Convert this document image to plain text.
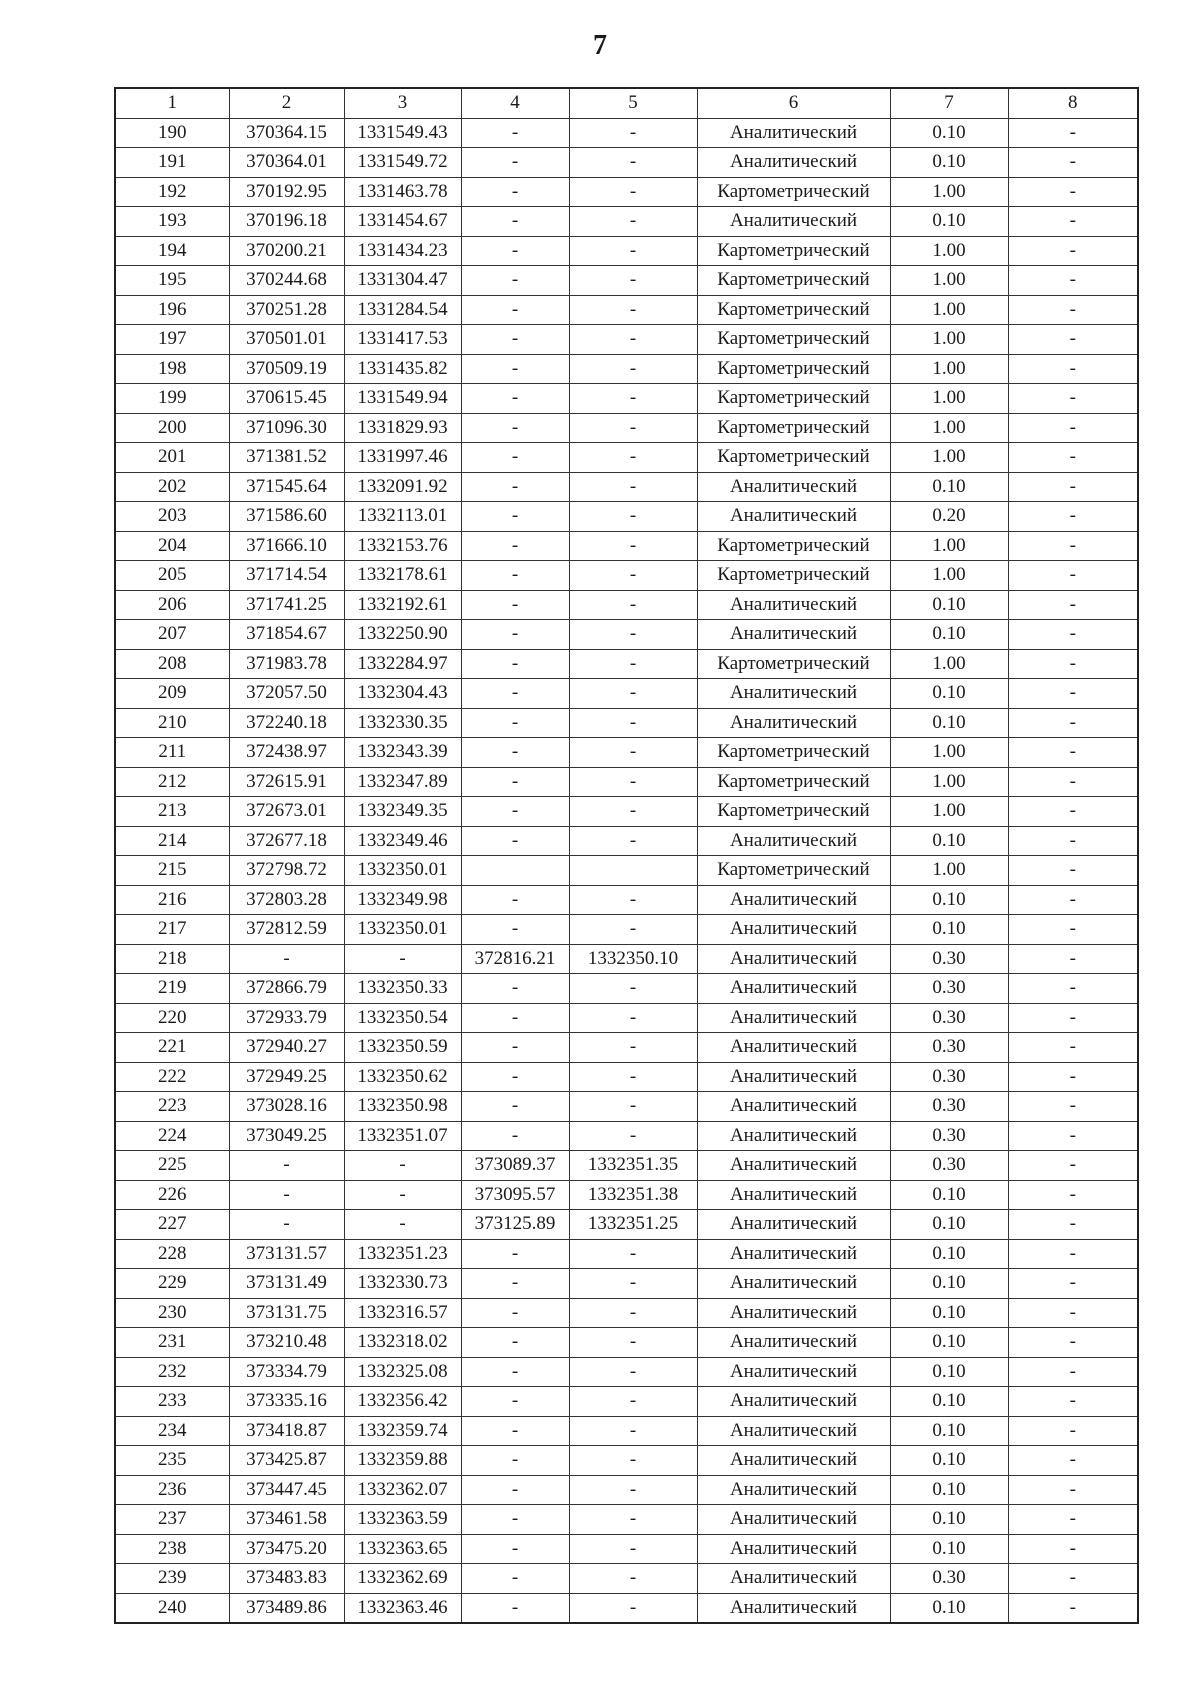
7
1	2	3	4	5	6	7	8
190	370364.15	1331549.43	-	-	Аналитический	0.10	-
191	370364.01	1331549.72	-	-	Аналитический	0.10	-
192	370192.95	1331463.78	-	-	Картометрический	1.00	-
193	370196.18	1331454.67	-	-	Аналитический	0.10	-
194	370200.21	1331434.23	-	-	Картометрический	1.00	-
195	370244.68	1331304.47	-	-	Картометрический	1.00	-
196	370251.28	1331284.54	-	-	Картометрический	1.00	-
197	370501.01	1331417.53	-	-	Картометрический	1.00	-
198	370509.19	1331435.82	-	-	Картометрический	1.00	-
199	370615.45	1331549.94	-	-	Картометрический	1.00	-
200	371096.30	1331829.93	-	-	Картометрический	1.00	-
201	371381.52	1331997.46	-	-	Картометрический	1.00	-
202	371545.64	1332091.92	-	-	Аналитический	0.10	-
203	371586.60	1332113.01	-	-	Аналитический	0.20	-
204	371666.10	1332153.76	-	-	Картометрический	1.00	-
205	371714.54	1332178.61	-	-	Картометрический	1.00	-
206	371741.25	1332192.61	-	-	Аналитический	0.10	-
207	371854.67	1332250.90	-	-	Аналитический	0.10	-
208	371983.78	1332284.97	-	-	Картометрический	1.00	-
209	372057.50	1332304.43	-	-	Аналитический	0.10	-
210	372240.18	1332330.35	-	-	Аналитический	0.10	-
211	372438.97	1332343.39	-	-	Картометрический	1.00	-
212	372615.91	1332347.89	-	-	Картометрический	1.00	-
213	372673.01	1332349.35	-	-	Картометрический	1.00	-
214	372677.18	1332349.46	-	-	Аналитический	0.10	-
215	372798.72	1332350.01			Картометрический	1.00	-
216	372803.28	1332349.98	-	-	Аналитический	0.10	-
217	372812.59	1332350.01	-	-	Аналитический	0.10	-
218	-	-	372816.21	1332350.10	Аналитический	0.30	-
219	372866.79	1332350.33	-	-	Аналитический	0.30	-
220	372933.79	1332350.54	-	-	Аналитический	0.30	-
221	372940.27	1332350.59	-	-	Аналитический	0.30	-
222	372949.25	1332350.62	-	-	Аналитический	0.30	-
223	373028.16	1332350.98	-	-	Аналитический	0.30	-
224	373049.25	1332351.07	-	-	Аналитический	0.30	-
225	-	-	373089.37	1332351.35	Аналитический	0.30	-
226	-	-	373095.57	1332351.38	Аналитический	0.10	-
227	-	-	373125.89	1332351.25	Аналитический	0.10	-
228	373131.57	1332351.23	-	-	Аналитический	0.10	-
229	373131.49	1332330.73	-	-	Аналитический	0.10	-
230	373131.75	1332316.57	-	-	Аналитический	0.10	-
231	373210.48	1332318.02	-	-	Аналитический	0.10	-
232	373334.79	1332325.08	-	-	Аналитический	0.10	-
233	373335.16	1332356.42	-	-	Аналитический	0.10	-
234	373418.87	1332359.74	-	-	Аналитический	0.10	-
235	373425.87	1332359.88	-	-	Аналитический	0.10	-
236	373447.45	1332362.07	-	-	Аналитический	0.10	-
237	373461.58	1332363.59	-	-	Аналитический	0.10	-
238	373475.20	1332363.65	-	-	Аналитический	0.10	-
239	373483.83	1332362.69	-	-	Аналитический	0.30	-
240	373489.86	1332363.46	-	-	Аналитический	0.10	-
